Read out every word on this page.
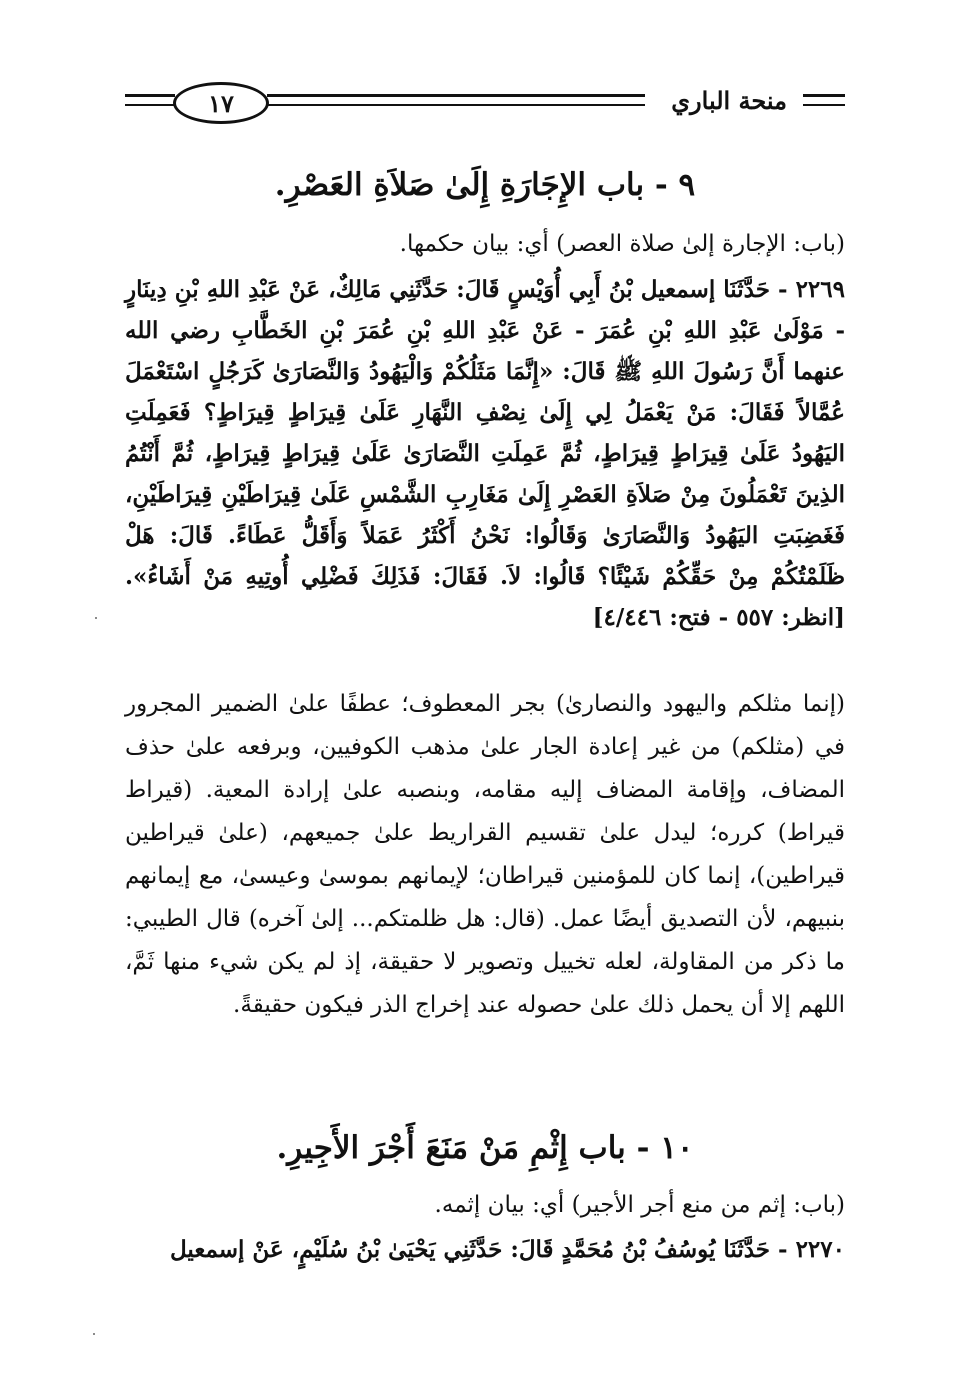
١٧	منحة الباري
٩ - باب الإِجَارَةِ إِلَىٰ صَلاَةِ العَصْرِ.
(باب: الإجارة إلىٰ صلاة العصر) أي: بيان حكمها.
٢٢٦٩ - حَدَّثَنَا إسمعيل بْنُ أَبِي أُوَيْسٍ قَالَ: حَدَّثَنِي مَالِكٌ، عَنْ عَبْدِ اللهِ بْنِ دِينَارٍ - مَوْلَىٰ عَبْدِ اللهِ بْنِ عُمَرَ - عَنْ عَبْدِ اللهِ بْنِ عُمَرَ بْنِ الخَطَّابِ رضي الله عنهما أَنَّ رَسُولَ اللهِ ﷺ قَالَ: «إِنَّمَا مَثَلُكُمْ وَالْيَهُودُ وَالنَّصَارَىٰ كَرَجُلٍ اسْتَعْمَلَ عُمَّالاً فَقَالَ: مَنْ يَعْمَلُ لِي إِلَىٰ نِصْفِ النَّهَارِ عَلَىٰ قِيرَاطٍ قِيرَاطٍ؟ فَعَمِلَتِ اليَهُودُ عَلَىٰ قِيرَاطٍ قِيرَاطٍ، ثُمَّ عَمِلَتِ النَّصَارَىٰ عَلَىٰ قِيرَاطٍ قِيرَاطٍ، ثُمَّ أَنْتُمُ الذِينَ تَعْمَلُونَ مِنْ صَلاَةِ العَصْرِ إِلَىٰ مَغَارِبِ الشَّمْسِ عَلَىٰ قِيرَاطَيْنِ قِيرَاطَيْنِ، فَغَضِبَتِ اليَهُودُ وَالنَّصَارَىٰ وَقَالُوا: نَحْنُ أَكْثَرُ عَمَلاً وَأَقَلُّ عَطَاءً. قَالَ: هَلْ ظَلَمْتُكُمْ مِنْ حَقِّكُمْ شَيْئًا؟ قَالُوا: لاَ. فَقَالَ: فَذَلِكَ فَضْلِي أُوتِيهِ مَنْ أَشَاءُ». [انظر: ٥٥٧ - فتح: ٤/٤٤٦]
(إنما مثلكم واليهود والنصارىٰ) بجر المعطوف؛ عطفًا علىٰ الضمير المجرور في (مثلكم) من غير إعادة الجار علىٰ مذهب الكوفيين، وبرفعه علىٰ حذف المضاف، وإقامة المضاف إليه مقامه، وبنصبه علىٰ إرادة المعية. (قيراط قيراط) كرره؛ ليدل علىٰ تقسيم القراريط علىٰ جميعهم، (علىٰ قيراطين قيراطين)، إنما كان للمؤمنين قيراطان؛ لإيمانهم بموسىٰ وعيسىٰ، مع إيمانهم بنبيهم، لأن التصديق أيضًا عمل. (قال: هل ظلمتكم... إلىٰ آخره) قال الطيبي: ما ذكر من المقاولة، لعله تخييل وتصوير لا حقيقة، إذ لم يكن شيء منها ثَمَّ، اللهم إلا أن يحمل ذلك علىٰ حصوله عند إخراج الذر فيكون حقيقةً.
١٠ - باب إِثْمِ مَنْ مَنَعَ أَجْرَ الأَجِيرِ.
(باب: إثم من منع أجر الأجير) أي: بيان إثمه.
٢٢٧٠ - حَدَّثَنَا يُوسُفُ بْنُ مُحَمَّدٍ قَالَ: حَدَّثَنِي يَحْيَىٰ بْنُ سُلَيْمٍ، عَنْ إسمعيل
